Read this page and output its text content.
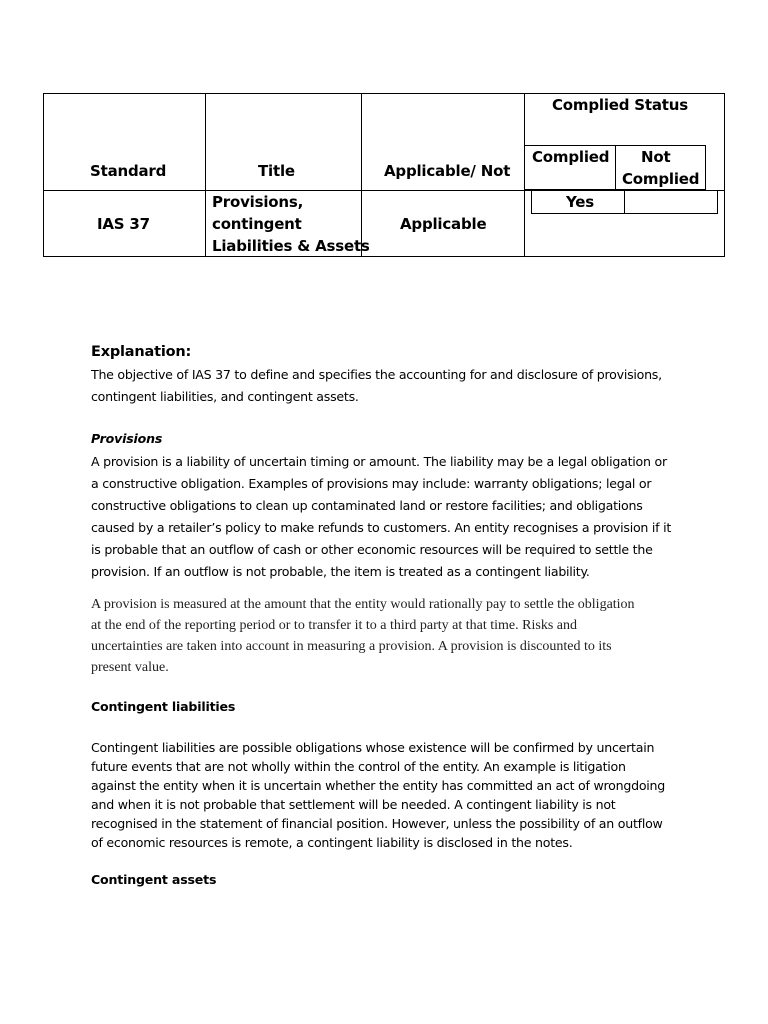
Standard	Title	Applicable/ Not
Complied Status
Complied Not
Complied
IAS 37
Provisions,
contingent
Liabilities & Assets
Applicable
Yes
Explanation:
The objective of IAS 37 to define and specifies the accounting for and disclosure of provisions,
contingent liabilities, and contingent assets.
Provisions
A provision is a liability of uncertain timing or amount. The liability may be a legal obligation or
a constructive obligation. Examples of provisions may include: warranty obligations; legal or
constructive obligations to clean up contaminated land or restore facilities; and obligations
caused by a retailer’s policy to make refunds to customers. An entity recognises a provision if it
is probable that an outflow of cash or other economic resources will be required to settle the
provision. If an outflow is not probable, the item is treated as a contingent liability.
A provision is measured at the amount that the entity would rationally pay to settle the obligation
at the end of the reporting period or to transfer it to a third party at that time. Risks and
uncertainties are taken into account in measuring a provision. A provision is discounted to its
present value.
Contingent liabilities
Contingent liabilities are possible obligations whose existence will be confirmed by uncertain
future events that are not wholly within the control of the entity. An example is litigation
against the entity when it is uncertain whether the entity has committed an act of wrongdoing
and when it is not probable that settlement will be needed. A contingent liability is not
recognised in the statement of financial position. However, unless the possibility of an outflow
of economic resources is remote, a contingent liability is disclosed in the notes.
Contingent assets
